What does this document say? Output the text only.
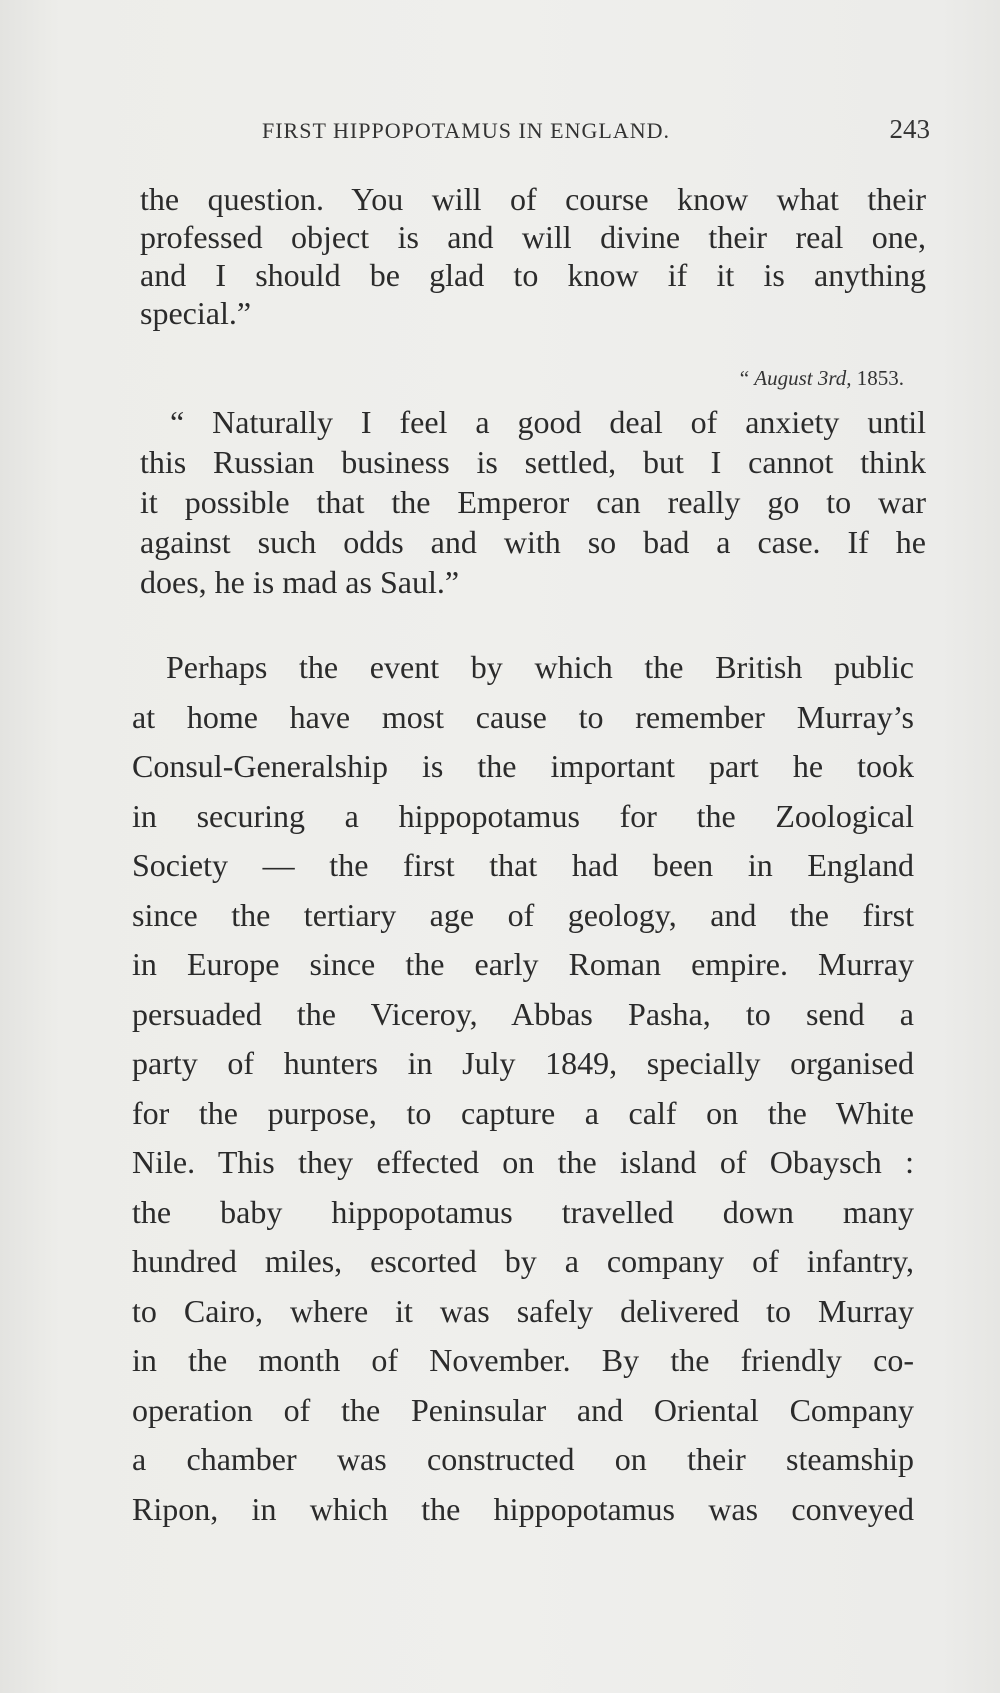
FIRST HIPPOPOTAMUS IN ENGLAND.	243
the question. You will of course know what their
professed object is and will divine their real one,
and I should be glad to know if it is anything
special.”
“ August 3rd, 1853.
“ Naturally I feel a good deal of anxiety until
this Russian business is settled, but I cannot think
it possible that the Emperor can really go to war
against such odds and with so bad a case. If he
does, he is mad as Saul.”
Perhaps the event by which the British public
at home have most cause to remember Murray’s
Consul-Generalship is the important part he took
in securing a hippopotamus for the Zoological
Society — the first that had been in England
since the tertiary age of geology, and the first
in Europe since the early Roman empire. Murray
persuaded the Viceroy, Abbas Pasha, to send a
party of hunters in July 1849, specially organised
for the purpose, to capture a calf on the White
Nile. This they effected on the island of Obaysch :
the baby hippopotamus travelled down many
hundred miles, escorted by a company of infantry,
to Cairo, where it was safely delivered to Murray
in the month of November. By the friendly co-
operation of the Peninsular and Oriental Company
a chamber was constructed on their steamship
Ripon, in which the hippopotamus was conveyed
